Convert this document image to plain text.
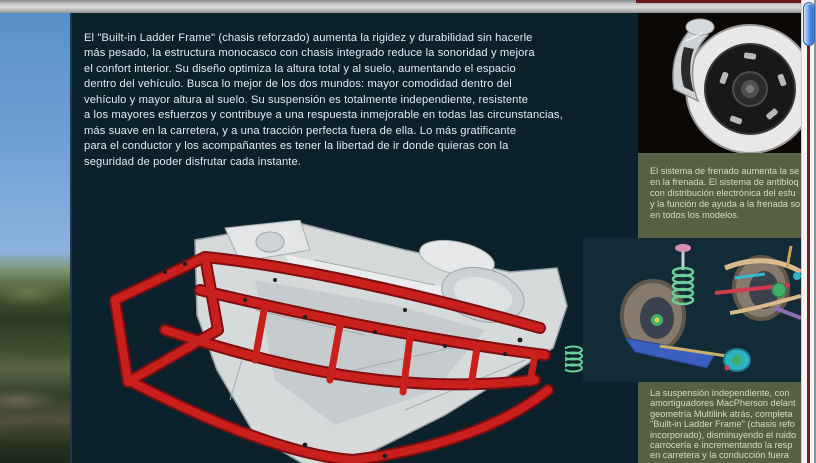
El "Built-in Ladder Frame" (chasis reforzado) aumenta la rigidez y durabilidad sin hacerle
más pesado, la estructura monocasco con chasis integrado reduce la sonoridad y mejora
el confort interior. Su diseño optimiza la altura total y al suelo, aumentando el espacio
dentro del vehículo. Busca lo mejor de los dos mundos: mayor comodidad dentro del
vehículo y mayor altura al suelo. Su suspensión es totalmente independiente, resistente
a los mayores esfuerzos y contribuye a una respuesta inmejorable en todas las circunstancias,
más suave en la carretera, y a una tracción perfecta fuera de ella. Lo más gratificante
para el conductor y los acompañantes es tener la libertad de ir donde quieras con la
seguridad de poder disfrutar cada instante.
El sistema de frenado aumenta la se
en la frenada. El sistema de antibloq
con distribución electrónica del esfu
y la función de ayuda a la frenada so
en todos los modelos.
La suspensión independiente, con
amortiguadores MacPherson delant
geometría Multilink atrás, completa
"Built-in Ladder Frame" (chasis refo
incorporado), disminuyendo el ruido
carrocería e incrementando la resp
en carretera y la conducción fuera
